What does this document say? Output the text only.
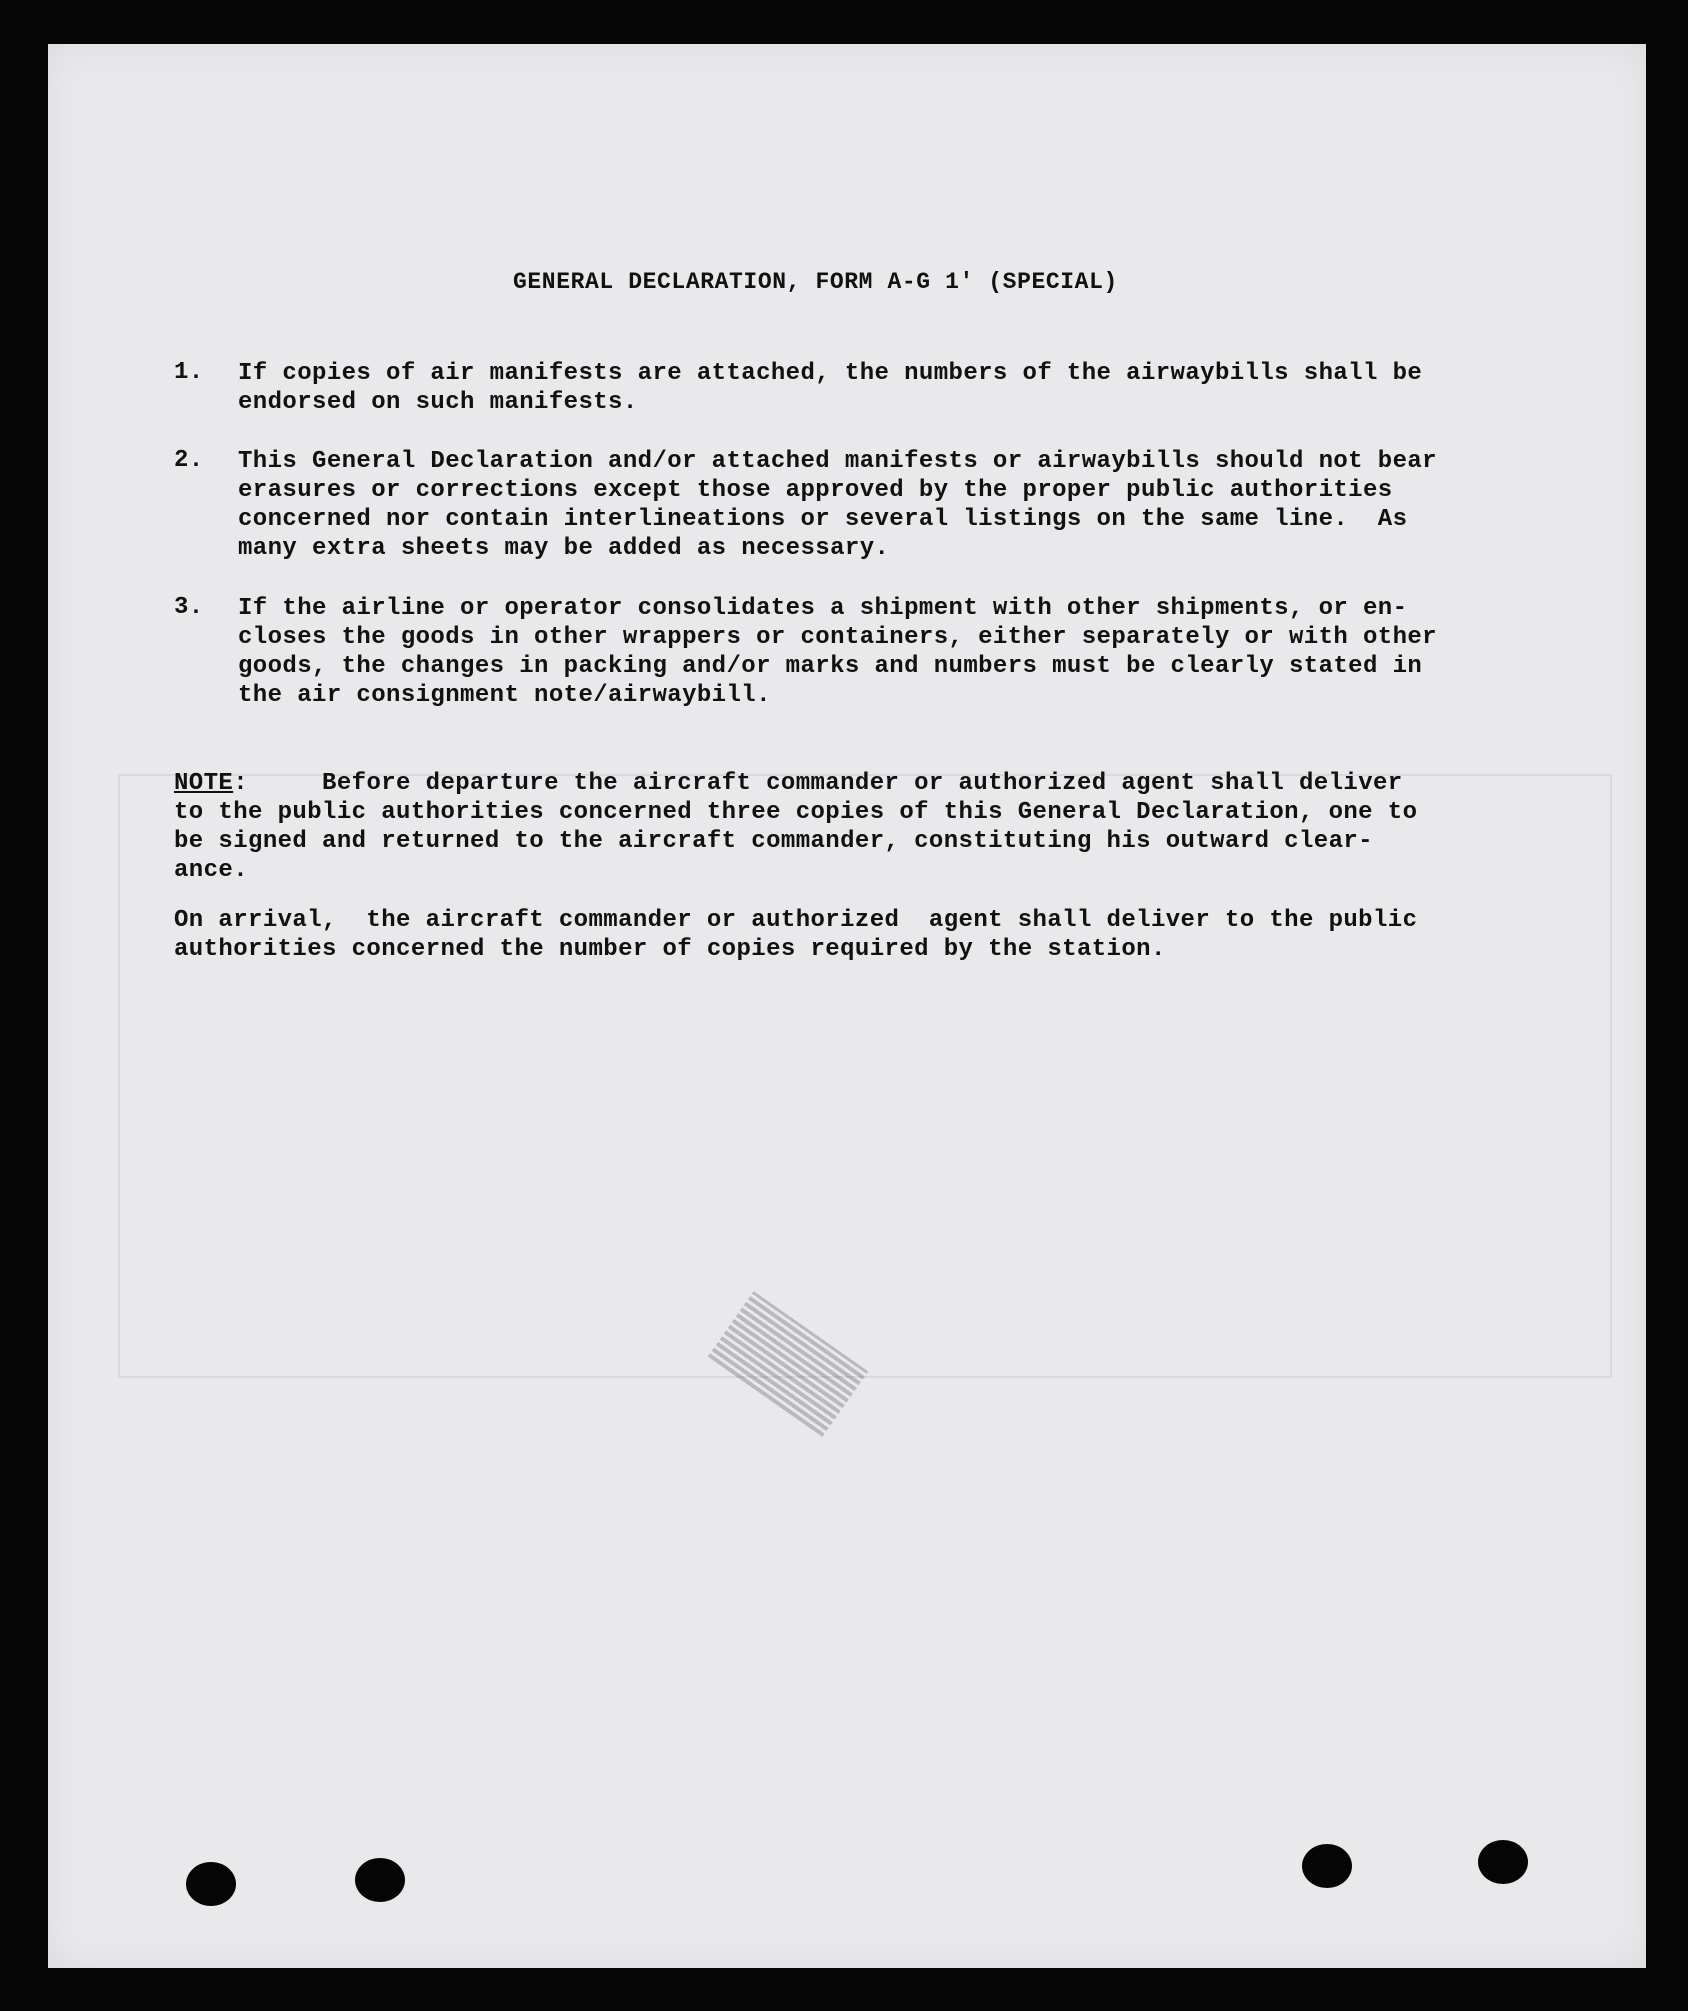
GENERAL DECLARATION, FORM A-G 1' (SPECIAL)
1. If copies of air manifests are attached, the numbers of the airwaybills shall be
endorsed on such manifests.
2. This General Declaration and/or attached manifests or airwaybills should not bear
erasures or corrections except those approved by the proper public authorities
concerned nor contain interlineations or several listings on the same line.  As
many extra sheets may be added as necessary.
3. If the airline or operator consolidates a shipment with other shipments, or en-
closes the goods in other wrappers or containers, either separately or with other
goods, the changes in packing and/or marks and numbers must be clearly stated in
the air consignment note/airwaybill.
NOTE:     Before departure the aircraft commander or authorized agent shall deliver
to the public authorities concerned three copies of this General Declaration, one to
be signed and returned to the aircraft commander, constituting his outward clear-
ance.
On arrival,  the aircraft commander or authorized  agent shall deliver to the public
authorities concerned the number of copies required by the station.
